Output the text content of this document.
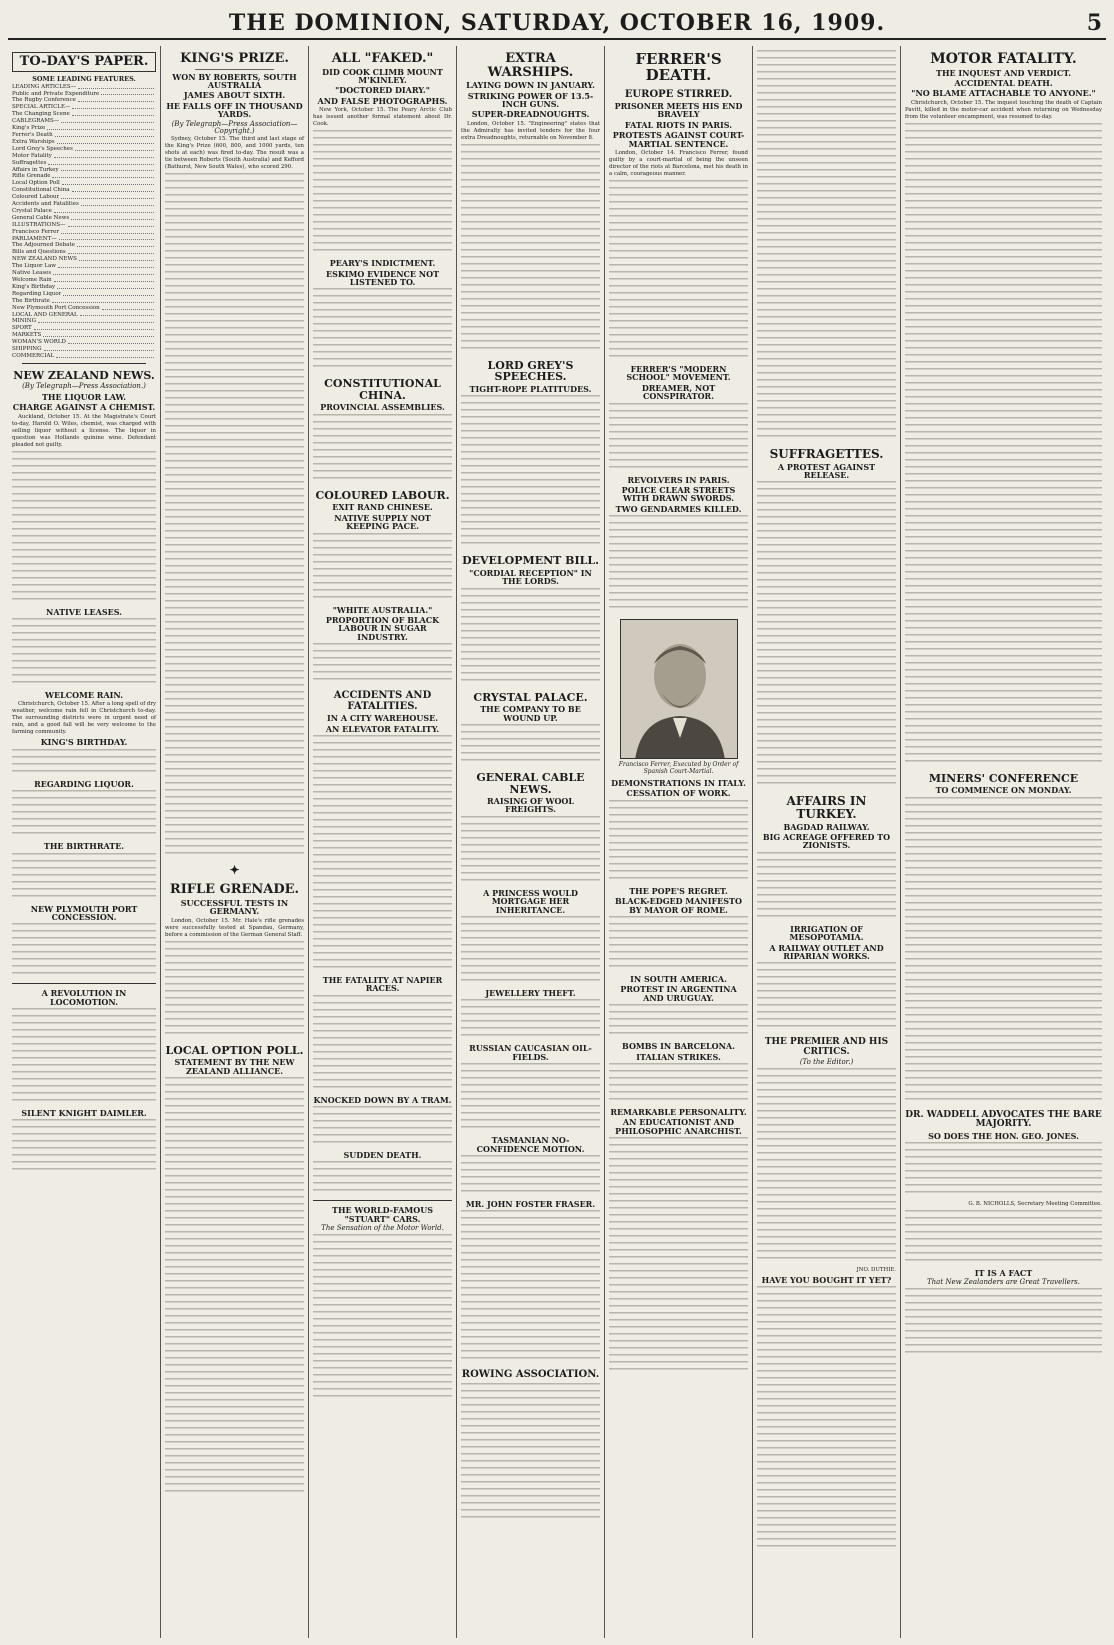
THE DOMINION, SATURDAY, OCTOBER 16, 1909.	5
TO-DAY'S PAPER.
SOME LEADING FEATURES.
LEADING ARTICLES—
Public and Private Expenditure
The Rugby Conference
SPECIAL ARTICLE—
The Changing Scene
CABLEGRAMS—
King's Prize
Ferrer's Death
Extra Warships
Lord Grey's Speeches
Motor Fatality
Suffragettes
Affairs in Turkey
Rifle Grenade
Local Option Poll
Constitutional China
Coloured Labour
Accidents and Fatalities
Crystal Palace
General Cable News
ILLUSTRATIONS—
Francisco Ferrer
PARLIAMENT—
The Adjourned Debate
Bills and Questions
NEW ZEALAND NEWS
The Liquor Law
Native Leases
Welcome Rain
King's Birthday
Regarding Liquor
The Birthrate
New Plymouth Port Concession
LOCAL AND GENERAL
MINING
SPORT
MARKETS
WOMAN'S WORLD
SHIPPING
COMMERCIAL
NEW ZEALAND NEWS.
(By Telegraph—Press Association.)
THE LIQUOR LAW.
CHARGE AGAINST A CHEMIST.
Auckland, October 15. At the Magistrate's Court to-day, Harold O. Wiles, chemist, was charged with selling liquor without a license. The liquor in question was Hollands quinine wine. Defendant pleaded not guilty.
NATIVE LEASES.
WELCOME RAIN.
Christchurch, October 15. After a long spell of dry weather, welcome rain fell in Christchurch to-day. The surrounding districts were in urgent need of rain, and a good fall will be very welcome to the farming community.
KING'S BIRTHDAY.
REGARDING LIQUOR.
THE BIRTHRATE.
NEW PLYMOUTH PORT CONCESSION.
A REVOLUTION IN LOCOMOTION.
SILENT KNIGHT DAIMLER.
KING'S PRIZE.
WON BY ROBERTS, SOUTH AUSTRALIA
JAMES ABOUT SIXTH.
HE FALLS OFF IN THOUSAND YARDS.
(By Telegraph—Press Association—Copyright.)
Sydney, October 15. The third and last stage of the King's Prize (600, 800, and 1000 yards, ten shots at each) was fired to-day. The result was a tie between Roberts (South Australia) and Kefford (Bathurst, New South Wales), who scored 290.
✦
RIFLE GRENADE.
SUCCESSFUL TESTS IN GERMANY.
London, October 15. Mr. Hale's rifle grenades were successfully tested at Spandau, Germany, before a commission of the German General Staff.
LOCAL OPTION POLL.
STATEMENT BY THE NEW ZEALAND ALLIANCE.
ALL "FAKED."
DID COOK CLIMB MOUNT M'KINLEY.
"DOCTORED DIARY."
AND FALSE PHOTOGRAPHS.
New York, October 15. The Peary Arctic Club has issued another formal statement about Dr. Cook.
PEARY'S INDICTMENT.
ESKIMO EVIDENCE NOT LISTENED TO.
CONSTITUTIONAL CHINA.
PROVINCIAL ASSEMBLIES.
COLOURED LABOUR.
EXIT RAND CHINESE.
NATIVE SUPPLY NOT KEEPING PACE.
"WHITE AUSTRALIA."
PROPORTION OF BLACK LABOUR IN SUGAR INDUSTRY.
ACCIDENTS AND FATALITIES.
IN A CITY WAREHOUSE.
AN ELEVATOR FATALITY.
THE FATALITY AT NAPIER RACES.
KNOCKED DOWN BY A TRAM.
SUDDEN DEATH.
THE WORLD-FAMOUS "STUART" CARS.
The Sensation of the Motor World.
EXTRA WARSHIPS.
LAYING DOWN IN JANUARY.
STRIKING POWER OF 13.5-INCH GUNS.
SUPER-DREADNOUGHTS.
London, October 15. "Engineering" states that the Admiralty has invited tenders for the four extra Dreadnoughts, returnable on November 8.
LORD GREY'S SPEECHES.
TIGHT-ROPE PLATITUDES.
DEVELOPMENT BILL.
"CORDIAL RECEPTION" IN THE LORDS.
CRYSTAL PALACE.
THE COMPANY TO BE WOUND UP.
GENERAL CABLE NEWS.
RAISING OF WOOL FREIGHTS.
A PRINCESS WOULD MORTGAGE HER INHERITANCE.
JEWELLERY THEFT.
RUSSIAN CAUCASIAN OIL-FIELDS.
TASMANIAN NO-CONFIDENCE MOTION.
MR. JOHN FOSTER FRASER.
ROWING ASSOCIATION.
FERRER'S DEATH.
EUROPE STIRRED.
PRISONER MEETS HIS END BRAVELY
FATAL RIOTS IN PARIS.
PROTESTS AGAINST COURT-MARTIAL SENTENCE.
London, October 14. Francisco Ferrer, found guilty by a court-martial of being the unseen director of the riots at Barcelona, met his death in a calm, courageous manner.
FERRER'S "MODERN SCHOOL" MOVEMENT.
DREAMER, NOT CONSPIRATOR.
REVOLVERS IN PARIS.
POLICE CLEAR STREETS WITH DRAWN SWORDS.
TWO GENDARMES KILLED.
Francisco Ferrer, Executed by Order of Spanish Court-Martial.
DEMONSTRATIONS IN ITALY.
CESSATION OF WORK.
THE POPE'S REGRET.
BLACK-EDGED MANIFESTO BY MAYOR OF ROME.
IN SOUTH AMERICA.
PROTEST IN ARGENTINA AND URUGUAY.
BOMBS IN BARCELONA.
ITALIAN STRIKES.
REMARKABLE PERSONALITY.
AN EDUCATIONIST AND PHILOSOPHIC ANARCHIST.
SUFFRAGETTES.
A PROTEST AGAINST RELEASE.
AFFAIRS IN TURKEY.
BAGDAD RAILWAY.
BIG ACREAGE OFFERED TO ZIONISTS.
IRRIGATION OF MESOPOTAMIA.
A RAILWAY OUTLET AND RIPARIAN WORKS.
THE PREMIER AND HIS CRITICS.
(To the Editor.)
JNO. DUTHIE.
HAVE YOU BOUGHT IT YET?
MOTOR FATALITY.
THE INQUEST AND VERDICT.
ACCIDENTAL DEATH.
"NO BLAME ATTACHABLE TO ANYONE."
Christchurch, October 15. The inquest touching the death of Captain Pavitt, killed in the motor-car accident when returning on Wednesday from the volunteer encampment, was resumed to-day.
MINERS' CONFERENCE
TO COMMENCE ON MONDAY.
DR. WADDELL ADVOCATES THE BARE MAJORITY.
SO DOES THE HON. GEO. JONES.
G. B. NICHOLLS, Secretary Meeting Committee.
IT IS A FACT
That New Zealanders are Great Travellers.
